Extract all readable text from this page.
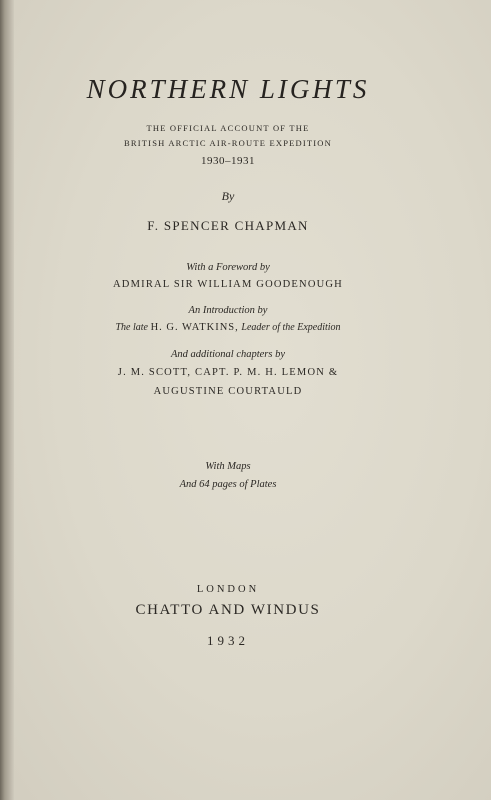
NORTHERN LIGHTS
THE OFFICIAL ACCOUNT OF THE
BRITISH ARCTIC AIR-ROUTE EXPEDITION
1930–1931
By
F. SPENCER CHAPMAN
With a Foreword by
ADMIRAL SIR WILLIAM GOODENOUGH
An Introduction by
The late H. G. WATKINS, Leader of the Expedition
And additional chapters by
J. M. SCOTT, CAPT. P. M. H. LEMON &
AUGUSTINE COURTAULD
With Maps
And 64 pages of Plates
LONDON
CHATTO AND WINDUS
1932
